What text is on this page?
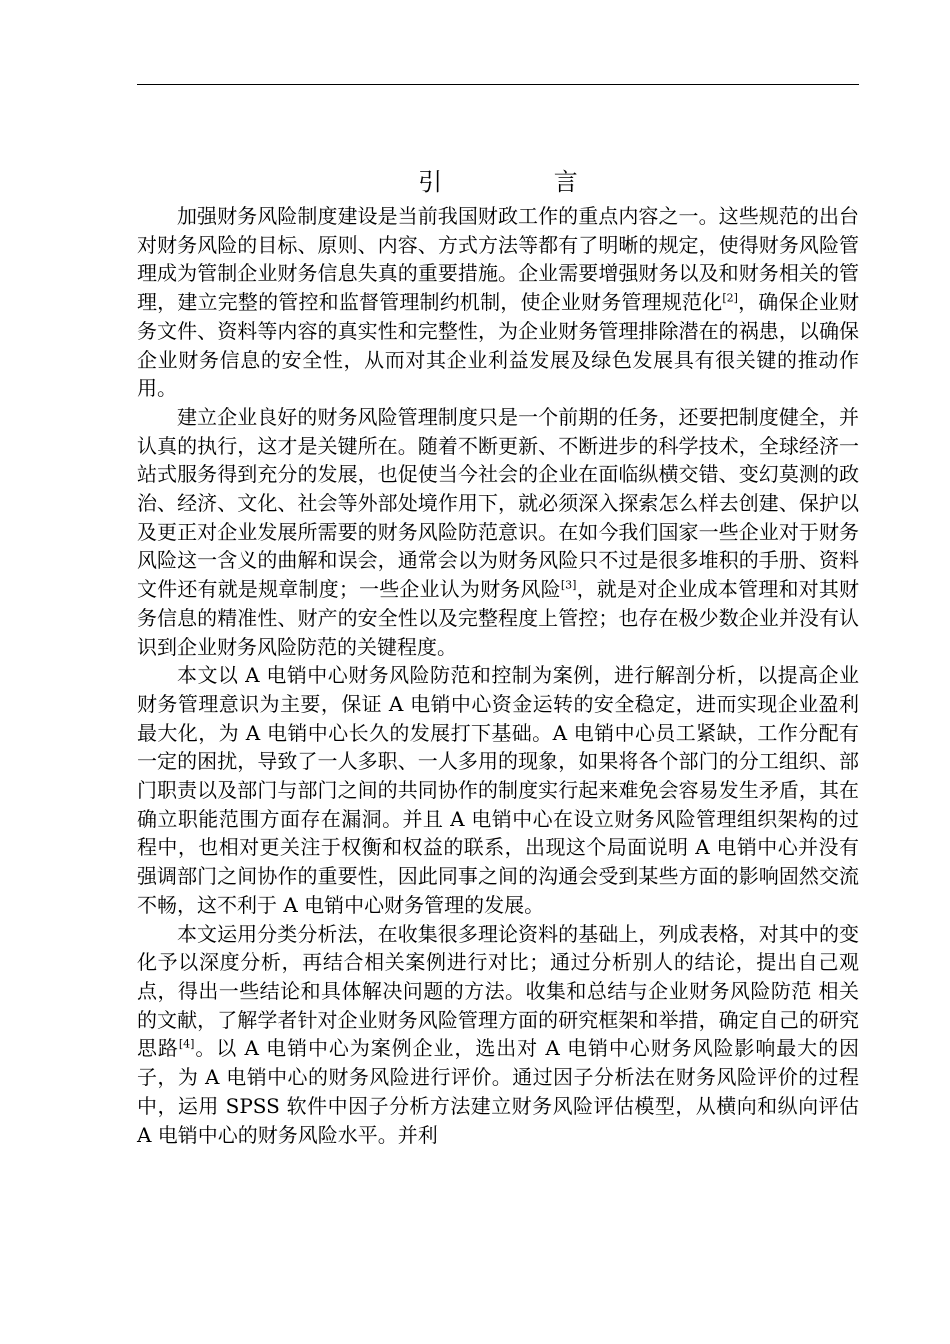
引 言

加强财务风险制度建设是当前我国财政工作的重点内容之一。这些规范的出台对财务风险的目标、原则、内容、方式方法等都有了明晰的规定，使得财务风险管理成为管制企业财务信息失真的重要措施。企业需要增强财务以及和财务相关的管理，建立完整的管控和监督管理制约机制，使企业财务管理规范化[2]，确保企业财务文件、资料等内容的真实性和完整性，为企业财务管理排除潜在的祸患，以确保企业财务信息的安全性，从而对其企业利益发展及绿色发展具有很关键的推动作用。

建立企业良好的财务风险管理制度只是一个前期的任务，还要把制度健全，并认真的执行，这才是关键所在。随着不断更新、不断进步的科学技术，全球经济一站式服务得到充分的发展，也促使当今社会的企业在面临纵横交错、变幻莫测的政治、经济、文化、社会等外部处境作用下，就必须深入探索怎么样去创建、保护以及更正对企业发展所需要的财务风险防范意识。在如今我们国家一些企业对于财务风险这一含义的曲解和误会，通常会以为财务风险只不过是很多堆积的手册、资料文件还有就是规章制度；一些企业认为财务风险[3]，就是对企业成本管理和对其财务信息的精准性、财产的安全性以及完整程度上管控；也存在极少数企业并没有认识到企业财务风险防范的关键程度。

本文以 A 电销中心财务风险防范和控制为案例，进行解剖分析，以提高企业财务管理意识为主要，保证 A 电销中心资金运转的安全稳定，进而实现企业盈利最大化，为 A 电销中心长久的发展打下基础。A 电销中心员工紧缺，工作分配有一定的困扰，导致了一人多职、一人多用的现象，如果将各个部门的分工组织、部门职责以及部门与部门之间的共同协作的制度实行起来难免会容易发生矛盾，其在确立职能范围方面存在漏洞。并且 A 电销中心在设立财务风险管理组织架构的过程中，也相对更关注于权衡和权益的联系，出现这个局面说明 A 电销中心并没有强调部门之间协作的重要性，因此同事之间的沟通会受到某些方面的影响固然交流不畅，这不利于 A 电销中心财务管理的发展。

本文运用分类分析法，在收集很多理论资料的基础上，列成表格，对其中的变化予以深度分析，再结合相关案例进行对比；通过分析别人的结论，提出自己观点，得出一些结论和具体解决问题的方法。收集和总结与企业财务风险防范 相关的文献，了解学者针对企业财务风险管理方面的研究框架和举措，确定自己的研究思路[4]。以 A 电销中心为案例企业，选出对 A 电销中心财务风险影响最大的因子，为 A 电销中心的财务风险进行评价。通过因子分析法在财务风险评价的过程中，运用 SPSS 软件中因子分析方法建立财务风险评估模型，从横向和纵向评估 A 电销中心的财务风险水平。并利
